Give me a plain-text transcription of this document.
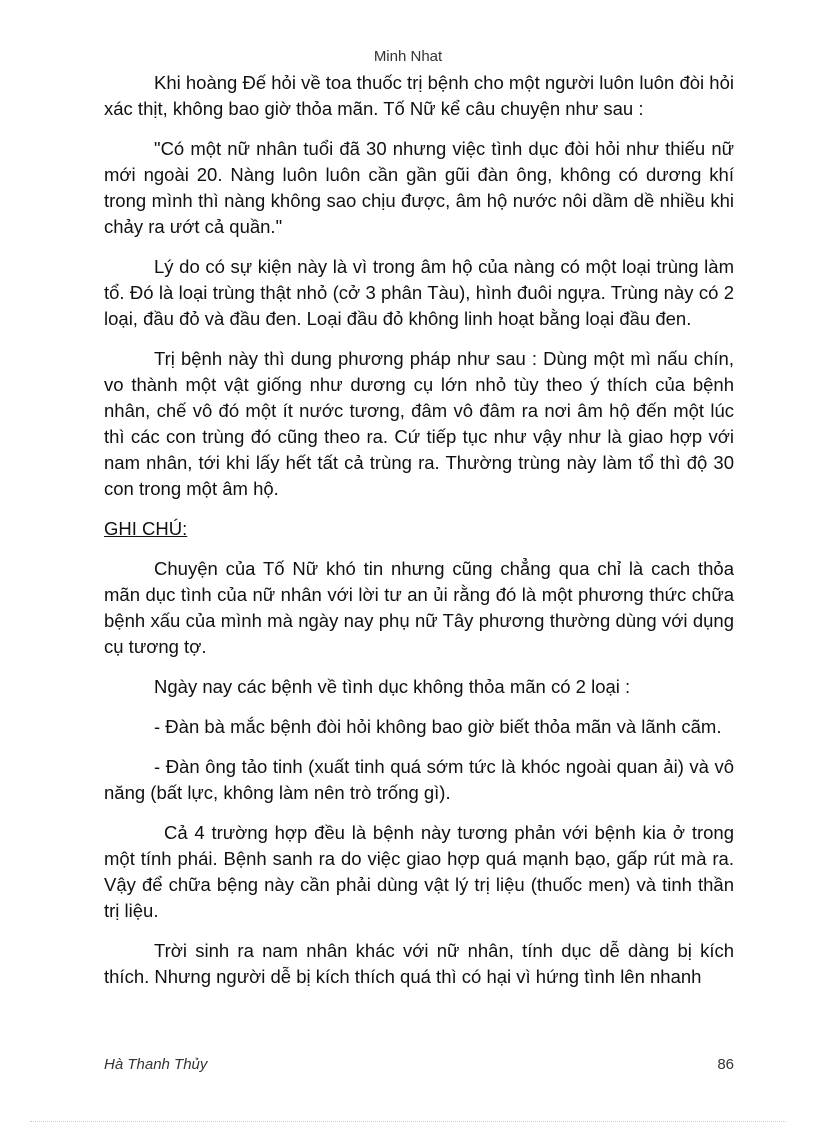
Minh Nhat

Khi hoàng Đế hỏi về toa thuốc trị bệnh cho một người luôn luôn đòi hỏi xác thịt, không bao giờ thỏa mãn. Tố Nữ kể câu chuyện như sau :

"Có một nữ nhân tuổi đã 30 nhưng việc tình dục đòi hỏi như thiếu nữ mới ngoài 20. Nàng luôn luôn cần gần gũi đàn ông, không có dương khí trong mình thì nàng không sao chịu được, âm hộ nước nôi dầm dề nhiều khi chảy ra ướt cả quần."

Lý do có sự kiện này là vì trong âm hộ của nàng có một loại trùng làm tổ. Đó là loại trùng thật nhỏ (cở 3 phân Tàu), hình đuôi ngựa. Trùng này có 2 loại, đầu đỏ và đầu đen. Loại đầu đỏ không linh hoạt bằng loại đầu đen.

Trị bệnh này thì dung phương pháp như sau : Dùng một mì nấu chín, vo thành một vật giống như dương cụ lớn nhỏ tùy theo ý thích của bệnh nhân, chế vô đó một ít nước tương, đâm vô đâm ra nơi âm hộ đến một lúc thì các con trùng đó cũng theo ra. Cứ tiếp tục như vậy như là giao hợp với nam nhân, tới khi lấy hết tất cả trùng ra. Thường trùng này làm tổ thì độ 30 con trong một âm hộ.

GHI CHÚ:

Chuyện của Tố Nữ khó tin nhưng cũng chẳng qua chỉ là cach thỏa mãn dục tình của nữ nhân với lời tư an ủi rằng đó là một phương thức chữa bệnh xấu của mình mà ngày nay phụ nữ Tây phương thường dùng với dụng cụ tương tợ.

Ngày nay các bệnh về tình dục không thỏa mãn có 2 loại :

- Đàn bà mắc bệnh đòi hỏi không bao giờ biết thỏa mãn và lãnh cãm.

- Đàn ông tảo tinh (xuất tinh quá sớm tức là khóc ngoài quan ải) và vô năng (bất lực, không làm nên trò trống gì).

Cả 4 trường hợp đều là bệnh này tương phản với bệnh kia ở trong một tính phái. Bệnh sanh ra do việc giao hợp quá mạnh bạo, gấp rút mà ra. Vậy để chữa bệng này cần phải dùng vật lý trị liệu (thuốc men) và tinh thần trị liệu.

Trời sinh ra nam nhân khác với nữ nhân, tính dục dễ dàng bị kích thích. Nhưng người dễ bị kích thích quá thì có hại vì hứng tình lên nhanh

Hà Thanh Thủy	86
